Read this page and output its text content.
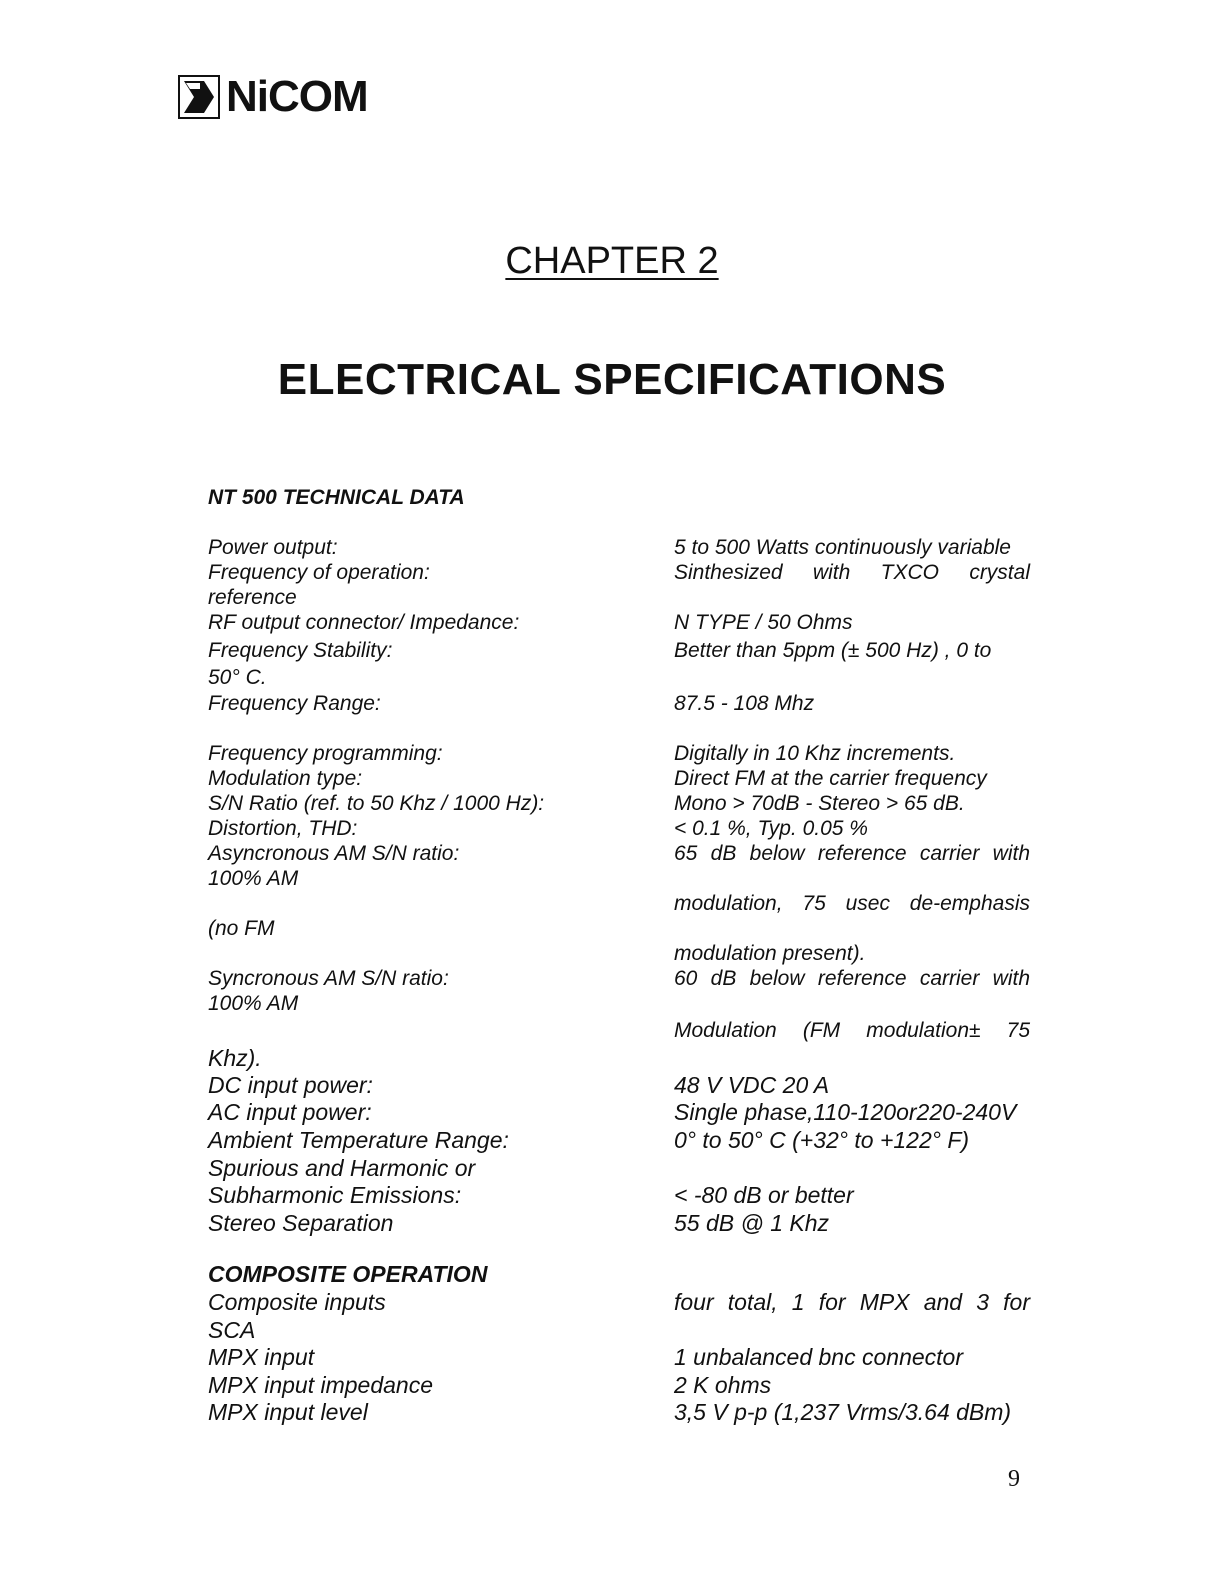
NiCOM
CHAPTER 2
ELECTRICAL SPECIFICATIONS
NT 500 TECHNICAL DATA
Power output:
Frequency of operation:
reference
RF output connector/ Impedance:
Frequency Stability:
50° C.
Frequency Range:
Frequency programming:
Modulation type:
S/N Ratio (ref. to 50 Khz / 1000 Hz):
Distortion, THD:
Asyncronous AM S/N ratio:
100% AM
(no FM
Syncronous AM S/N ratio:
100% AM
Khz).
DC input power:
AC input power:
Ambient Temperature Range:
Spurious and Harmonic or
Subharmonic Emissions:
Stereo Separation
COMPOSITE OPERATION
Composite inputs
SCA
MPX input
MPX input impedance
MPX input level
5 to 500 Watts continuously variable
Sinthesized with TXCO crystal
N TYPE / 50 Ohms
Better than 5ppm (± 500 Hz) , 0 to
87.5 - 108 Mhz
Digitally in 10 Khz increments.
Direct FM at the carrier frequency
Mono > 70dB - Stereo > 65 dB.
< 0.1 %, Typ. 0.05 %
65 dB below reference carrier with
modulation, 75 usec de-emphasis
modulation present).
60 dB below reference carrier with
Modulation (FM modulation± 75
48 V VDC 20 A
Single phase,110-120or220-240V
0° to 50° C (+32° to +122° F)
< -80 dB or better
55 dB @ 1 Khz
four total, 1 for MPX and 3 for
1 unbalanced bnc connector
2 K ohms
3,5 V p-p (1,237 Vrms/3.64 dBm)
9
